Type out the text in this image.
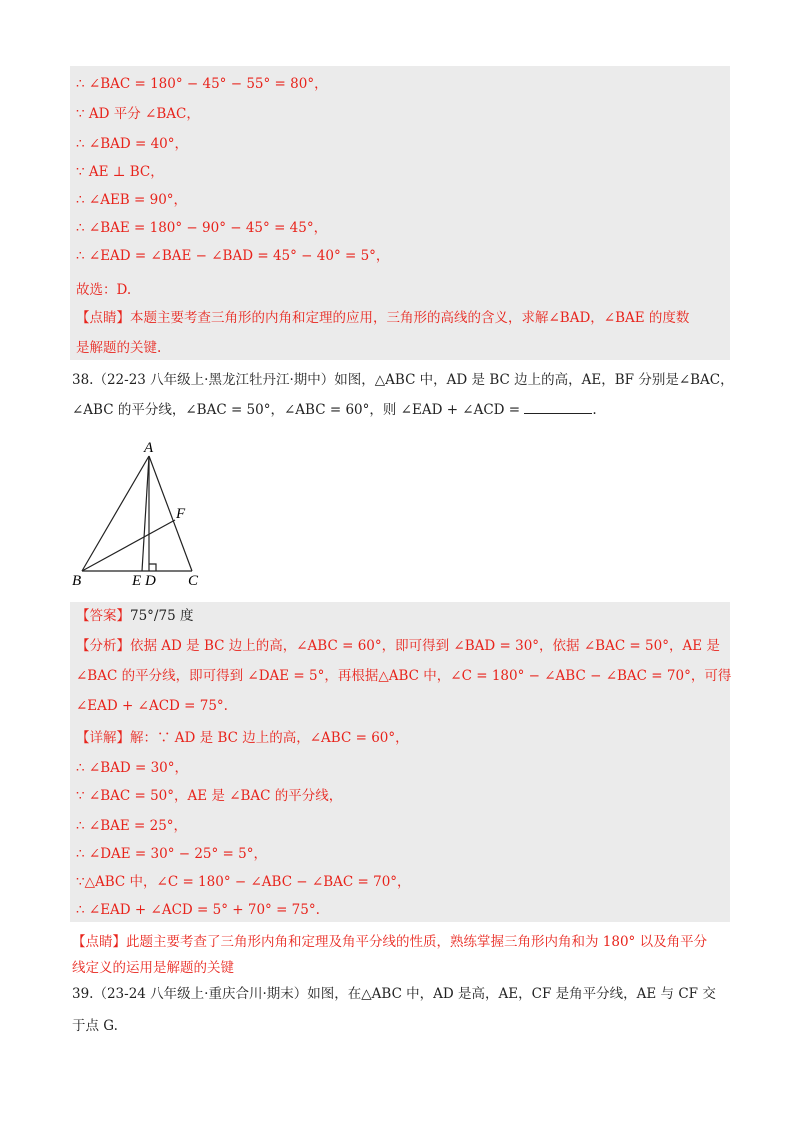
∴ ∠BAC = 180° − 45° − 55° = 80°，
∵ AD 平分 ∠BAC，
∴ ∠BAD = 40°，
∵ AE ⊥ BC，
∴ ∠AEB = 90°，
∴ ∠BAE = 180° − 90° − 45° = 45°，
∴ ∠EAD = ∠BAE − ∠BAD = 45° − 40° = 5°，
故选：D.
【点睛】本题主要考查三角形的内角和定理的应用，三角形的高线的含义，求解∠BAD，∠BAE 的度数
是解题的关键.
38.（22-23 八年级上·黑龙江牡丹江·期中）如图，△ABC 中，AD 是 BC 边上的高，AE，BF 分别是∠BAC，
∠ABC 的平分线，∠BAC = 50°，∠ABC = 60°，则 ∠EAD + ∠ACD =	.
A
B	C
E D
F
【答案】75°/75 度
【分析】依据 AD 是 BC 边上的高，∠ABC = 60°，即可得到 ∠BAD = 30°，依据 ∠BAC = 50°，AE 是
∠BAC 的平分线，即可得到 ∠DAE = 5°，再根据△ABC 中，∠C = 180° − ∠ABC − ∠BAC = 70°，可得
∠EAD + ∠ACD = 75°.
【详解】解：∵ AD 是 BC 边上的高，∠ABC = 60°，
∴ ∠BAD = 30°，
∵ ∠BAC = 50°，AE 是 ∠BAC 的平分线，
∴ ∠BAE = 25°，
∴ ∠DAE = 30° − 25° = 5°，
∵△ABC 中，∠C = 180° − ∠ABC − ∠BAC = 70°，
∴ ∠EAD + ∠ACD = 5° + 70° = 75°.
【点睛】此题主要考查了三角形内角和定理及角平分线的性质，熟练掌握三角形内角和为 180° 以及角平分
线定义的运用是解题的关键
39.（23-24 八年级上·重庆合川·期末）如图，在△ABC 中，AD 是高，AE，CF 是角平分线，AE 与 CF 交
于点 G.
